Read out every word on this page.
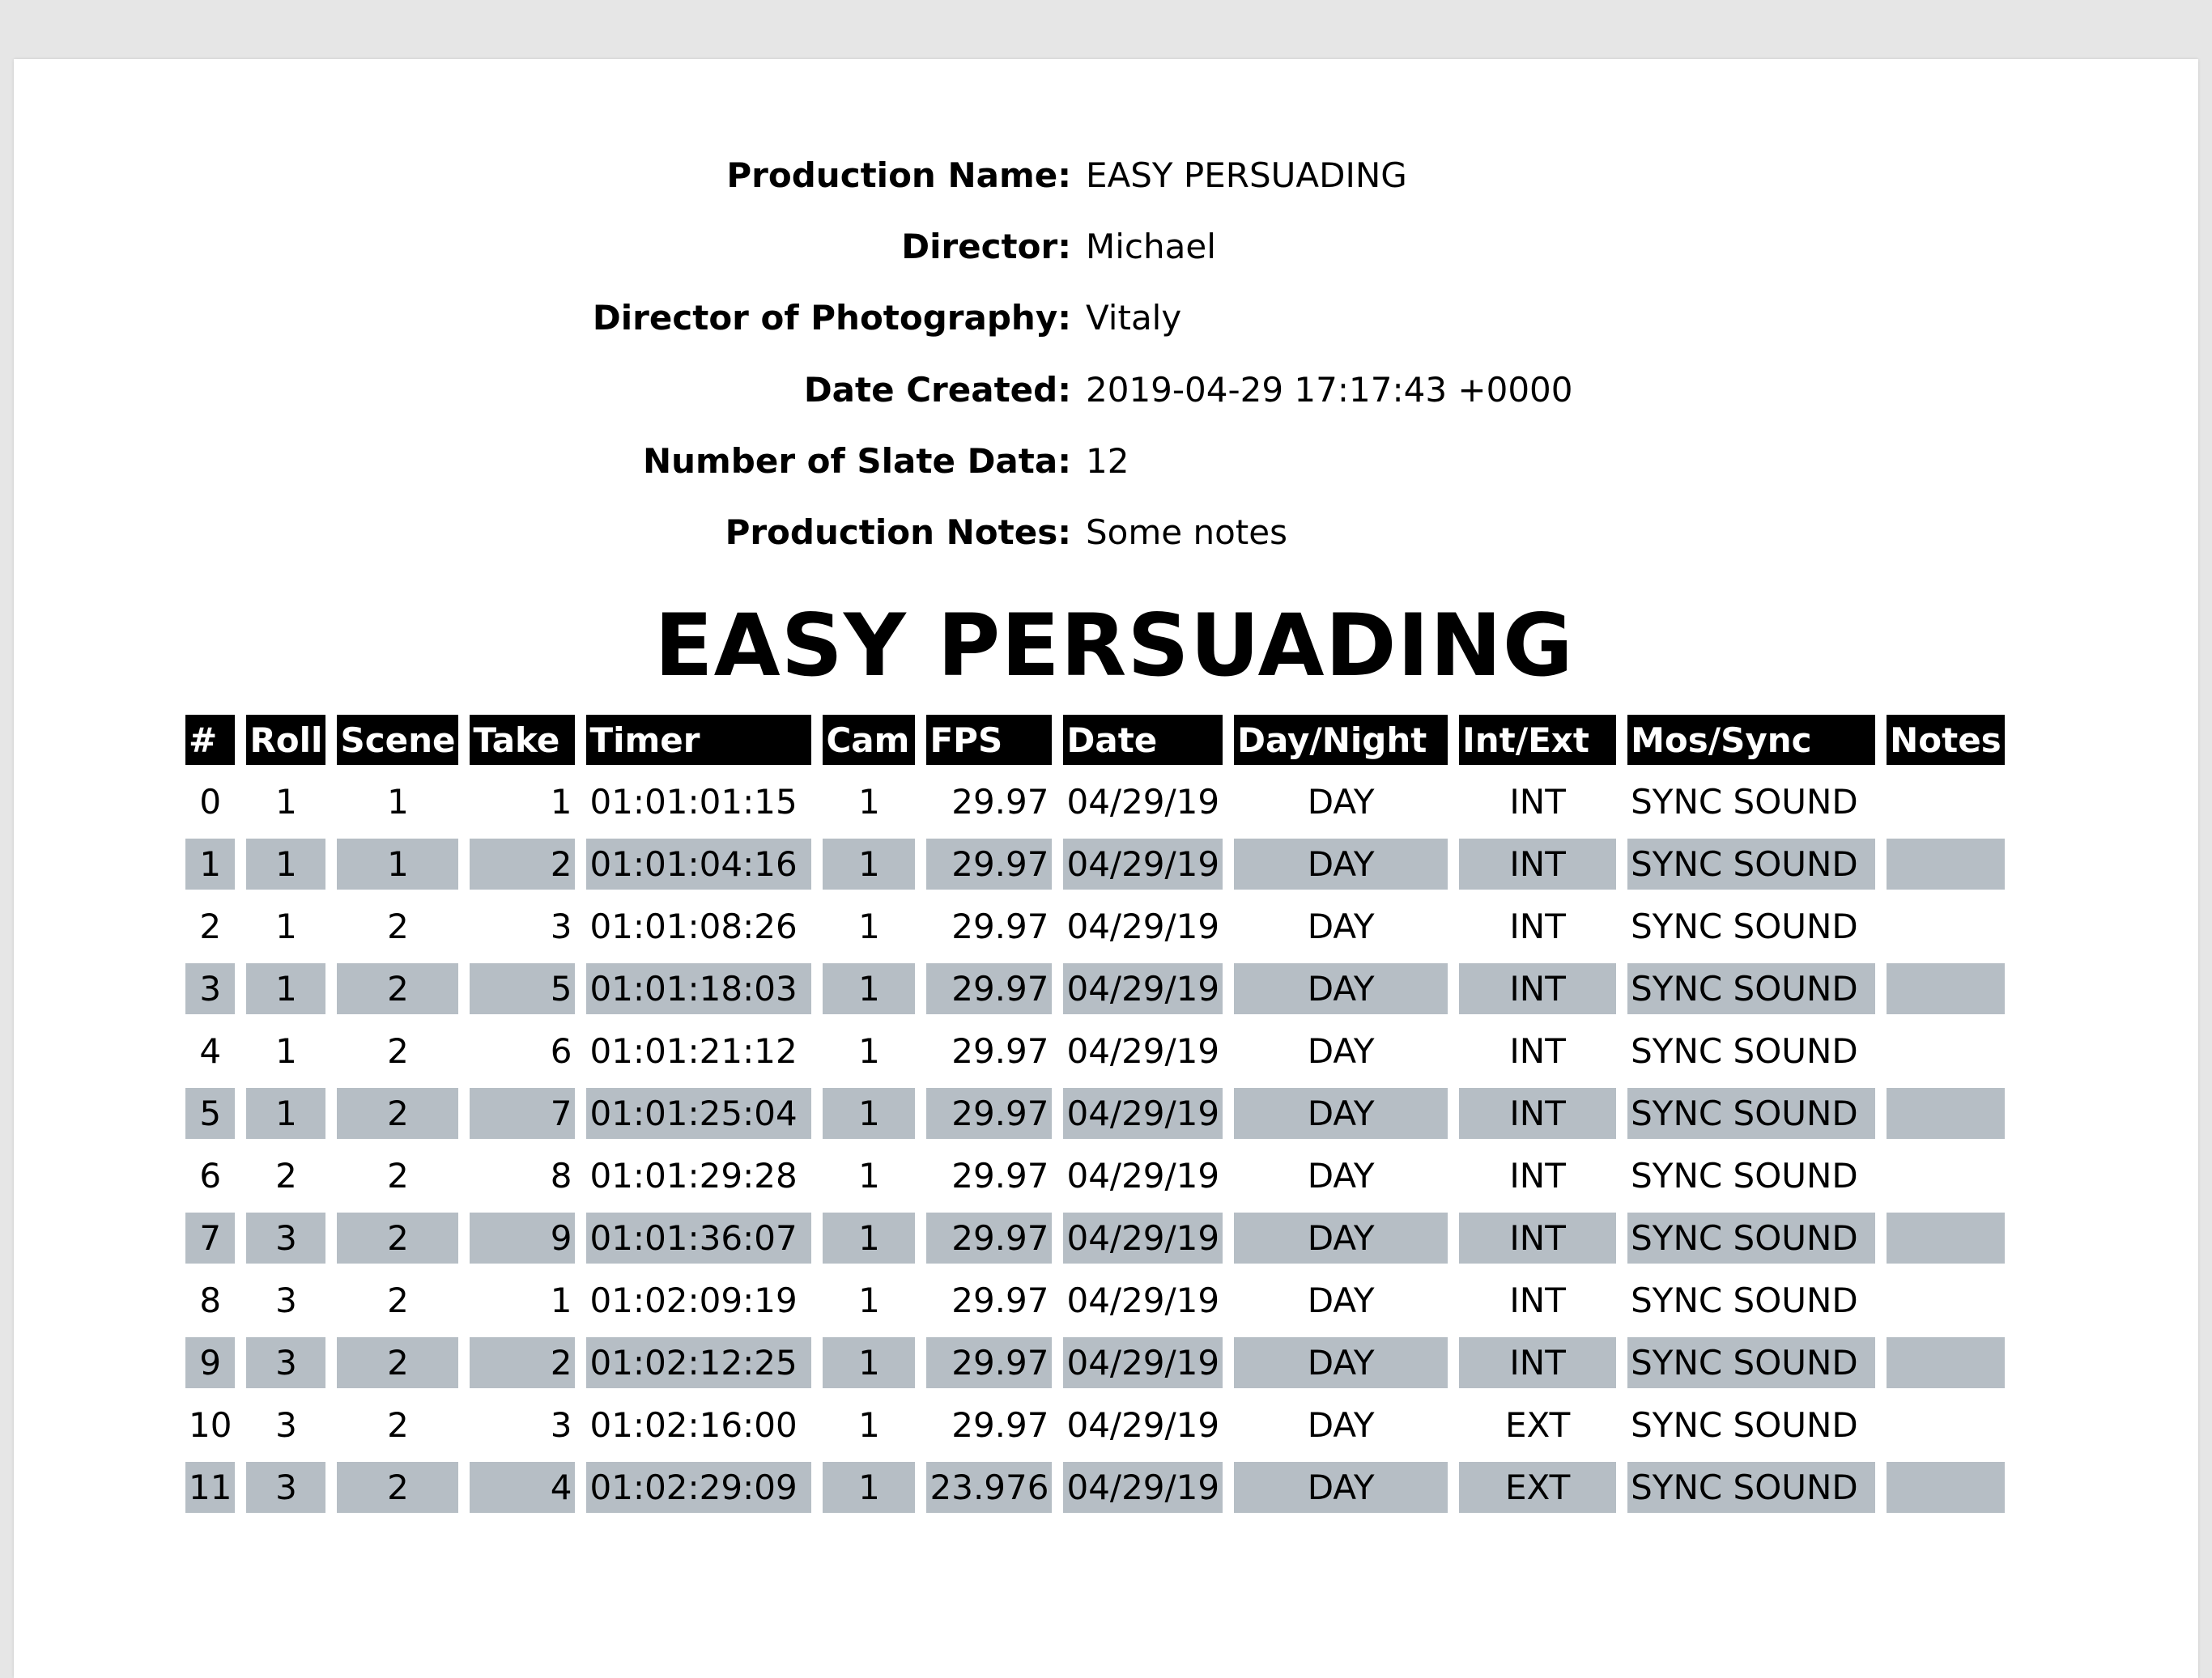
Production Name: EASY PERSUADING
Director: Michael
Director of Photography: Vitaly
Date Created: 2019-04-29 17:17:43 +0000
Number of Slate Data: 12
Production Notes: Some notes
EASY PERSUADING
#	Roll	Scene	Take	Timer	Cam	FPS	Date	Day/Night	Int/Ext	Mos/Sync	Notes
0	1	1	1	01:01:01:15	1	29.97	04/29/19	DAY	INT	SYNC SOUND	
1	1	1	2	01:01:04:16	1	29.97	04/29/19	DAY	INT	SYNC SOUND	
2	1	2	3	01:01:08:26	1	29.97	04/29/19	DAY	INT	SYNC SOUND	
3	1	2	5	01:01:18:03	1	29.97	04/29/19	DAY	INT	SYNC SOUND	
4	1	2	6	01:01:21:12	1	29.97	04/29/19	DAY	INT	SYNC SOUND	
5	1	2	7	01:01:25:04	1	29.97	04/29/19	DAY	INT	SYNC SOUND	
6	2	2	8	01:01:29:28	1	29.97	04/29/19	DAY	INT	SYNC SOUND	
7	3	2	9	01:01:36:07	1	29.97	04/29/19	DAY	INT	SYNC SOUND	
8	3	2	1	01:02:09:19	1	29.97	04/29/19	DAY	INT	SYNC SOUND	
9	3	2	2	01:02:12:25	1	29.97	04/29/19	DAY	INT	SYNC SOUND	
10	3	2	3	01:02:16:00	1	29.97	04/29/19	DAY	EXT	SYNC SOUND	
11	3	2	4	01:02:29:09	1	23.976	04/29/19	DAY	EXT	SYNC SOUND	
